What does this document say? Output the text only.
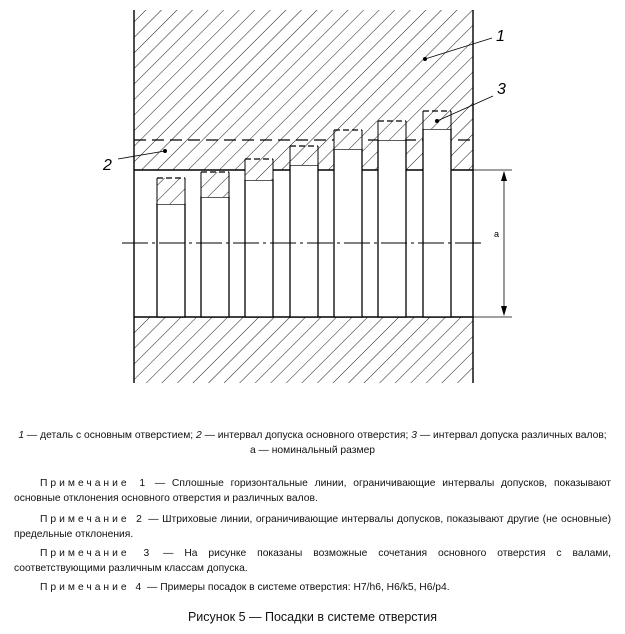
a
1
2
3
1 — деталь с основным отверстием; 2 — интервал допуска основного отверстия; 3 — интервал допуска различных валов;
а — номинальный размер
Примечание 1 — Сплошные горизонтальные линии, ограничивающие интервалы допусков, показывают основные отклонения основного отверстия и различных валов.
Примечание 2 — Штриховые линии, ограничивающие интервалы допусков, показывают другие (не основные) предельные отклонения.
Примечание 3 — На рисунке показаны возможные сочетания основного отверстия с валами, соответствующими различным классам допуска.
Примечание 4 — Примеры посадок в системе отверстия: H7/h6, H6/k5, H6/p4.
Рисунок 5 — Посадки в системе отверстия
